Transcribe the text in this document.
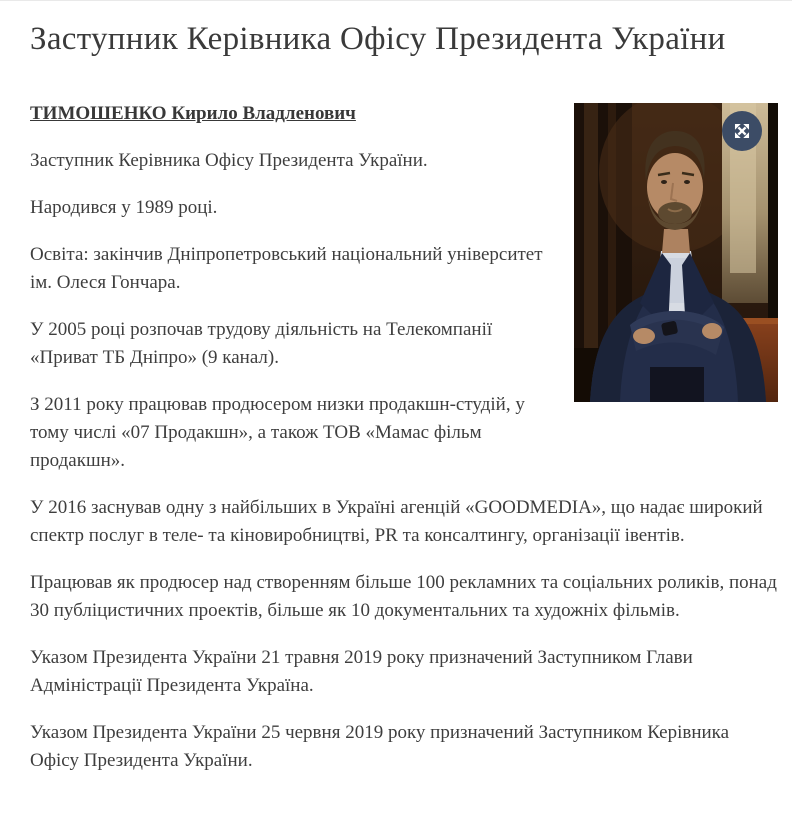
Заступник Керівника Офісу Президента України
ТИМОШЕНКО Кирило Владленович

Заступник Керівника Офісу Президента України.

Народився у 1989 році.

Освіта: закінчив Дніпропетровський національний університет ім. Олеся Гончара.

У 2005 році розпочав трудову діяльність на Телекомпанії «Приват ТБ Дніпро» (9 канал).

З 2011 року працював продюсером низки продакшн-студій, у тому числі «07 Продакшн», а також ТОВ «Мамас фільм продакшн».

У 2016 заснував одну з найбільших в Україні агенцій «GOODMEDIA», що надає широкий спектр послуг в теле- та кіновиробництві, PR та консалтингу, організації івентів.

Працював як продюсер над створенням більше 100 рекламних та соціальних роликів, понад 30 публіцистичних проектів, більше як 10 документальних та художніх фільмів.

Указом Президента України 21 травня 2019 року призначений Заступником Глави Адміністрації Президента Україна.

Указом Президента України 25 червня 2019 року призначений Заступником Керівника Офісу Президента України.
